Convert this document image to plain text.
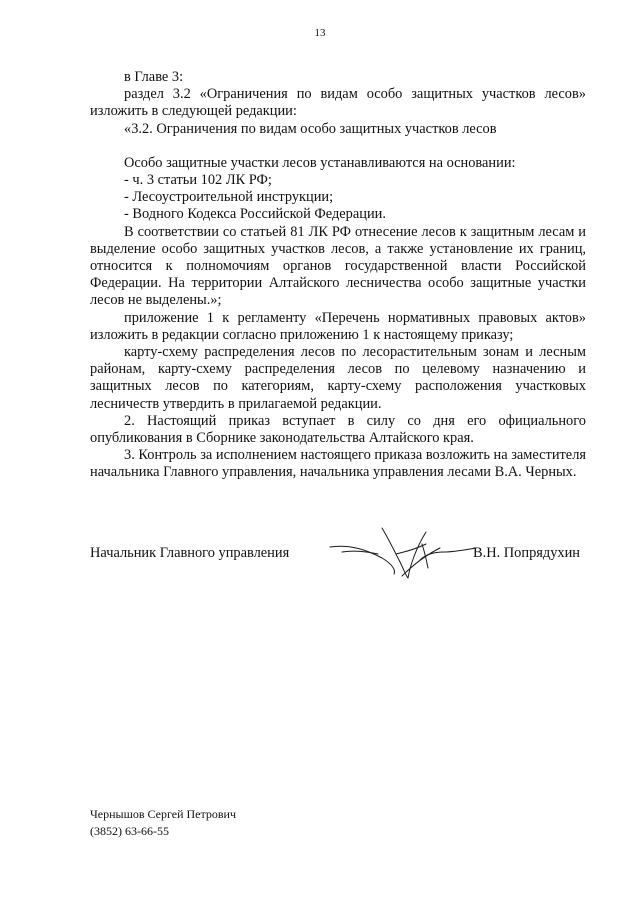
13

в Главе 3:

раздел 3.2 «Ограничения по видам особо защитных участков лесов» изложить в следующей редакции:

«3.2. Ограничения по видам особо защитных участков лесов

Особо защитные участки лесов устанавливаются на основании:

- ч. 3 статьи 102 ЛК РФ;

- Лесоустроительной инструкции;

- Водного Кодекса Российской Федерации.

В соответствии со статьей 81 ЛК РФ отнесение лесов к защитным лесам и выделение особо защитных участков лесов, а также установление их границ, относится к полномочиям органов государственной власти Российской Федерации. На территории Алтайского лесничества особо защитные участки лесов не выделены.»;

приложение 1 к регламенту «Перечень нормативных правовых актов» изложить в редакции согласно приложению 1 к настоящему приказу;

карту-схему распределения лесов по лесорастительным зонам и лесным районам, карту-схему распределения лесов по целевому назначению и защитных лесов по категориям, карту-схему расположения участковых лесничеств утвердить в прилагаемой редакции.

2. Настоящий приказ вступает в силу со дня его официального опубликования в Сборнике законодательства Алтайского края.

3. Контроль за исполнением настоящего приказа возложить на заместителя начальника Главного управления, начальника управления лесами В.А. Черных.

Начальник Главного управления	В.Н. Попрядухин
Чернышов Сергей Петрович
(3852) 63-66-55
